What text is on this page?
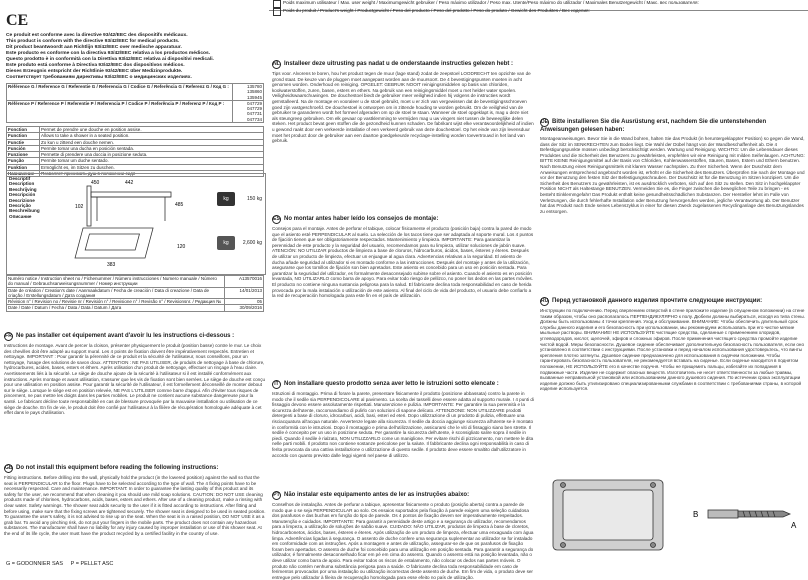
Poids maximum utilisateur / Max. user weight / Maximumgewicht gebruiker / Peso máximo utilizador / Peso max. Utente/Peso máximo do utilizador / Maximales Benutzergewicht / Макс. вес пользователя:
Poids du produit / Product's weight / Productgewicht / Peso del producto / Peso del prodotto / Peso do produto / Gewicht des Produktes / Вес изделия:
CE

Ce produit est conforme avec la directive 93/42/EEC des dispositifs médicaux.

This product is conform with the directive 93/42/EEC for medical products.

Dit product beantwoordt aan Richtlijn 93/42/EEC over medische apparatuur.

Este producto es conforme con la directiva 93/42/EEC relativa a los productos médicos.

Questo prodotto è in conformità con la Direttiva 93/42/EEC relativa ai dispositivi medicali.

Este produto está conforme à Directiva 93/42/EEC dos dispositivos médicos.

Dieses Erzeugnis entspricht der Richtlinie 93/42/EEC über Medizinprodukte.

Соответствует требованиям директивы 93/42/EEC о медицинских изделиях.

Référence G / Reference G / Referentie G / Referencia G / Codice G / Referência G / Referenz G / Код G :	135780
135860
135945

Référence P / Reference P / Referentie P / Referencia P / Codice P / Referência P / Referenz P / Код P :	047729
047729
047731
047734
Fonction	Permet de prendre une douche en position assise.
Function	Allows to take a shower in a seated position.
Functie	Zo kun u zittend een douche nemen.
Función	Permite tomar una ducha en posición sentada.
Funzione	Permette di prendere una doccia in posizione seduta.
Função	Permite tomar um duche sentado.
Funktion	Ermöglicht es, im Sitzen zu duschen.
Назначение	Позволяет принимать душ в положении сидя
Descriptif
Description
Beschrijving
Descripción
Descrizione
Descrição
Beschreibung
Описание
450	442
102	485
383
120
kg	150 kg
kg	2,600 kg
Numéro notice / Instruction sheet no / Fichenummer / Número instrucciones / Numero manuale / Número do manual / Gebrauchsanweisungsnummer / Номер инструкции	A13570016
Date de création / Creation's date / Aanmaakdatum / Fecha de creación / Data di creazione / Data de criação / Erstellungsdatum / Дата создания	14/01/2013
Révision n° / Revision no / Revisie nr / Revisión n° / Revisione n° / Revisão n° / Revisionsnr. / Редакция №	05
Date / Date / Datum / Fecha / Data / Data / Datum / Дата	30/09/2016
FR Ne pas installer cet équipement avant d'avoir lu les instructions ci-dessous :

Instructions de montage. Avant de percer la cloison, présenter physiquement le produit (position basse) contre le mur. Le choix des chevilles doit être adapté au support mural. Les 4 points de fixation doivent être impérativement respectés. Entretien et nettoyage. IMPORTANT : Pour garantir la pérennité de ce produit et la sécurité de l'utilisateur, nous conseillons, pour un nettoyage, l'usage des solutions de savon doux. ATTENTION : NE PAS UTILISER, de produits de nettoyage à base de chlorure, hydrocarbures, acides, bases, esters et éthers. Après utilisation d'un produit de nettoyage, effectuer un rinçage à l'eau claire. Avertissements liés à la sécurité. Le siège de douche ajoute de la sécurité à l'utilisateur si il est installé conformément aux instructions. Après montage et avant utilisation, s'assurer que les vis de fixation sont bien serrées. Le siège de douche est conçu pour une utilisation en position assise. Pour garantir la sécurité de l'utilisateur, il est formellement déconseillé de monter debout sur le siège. Lorsque le siège est en position relevée, NE PAS L'UTILISER comme barre d'appui. Afin d'éviter tous risques de pincement, ne pas mettre les doigts dans les parties mobiles. Le produit ne contient aucune substance dangereuse pour la santé. Le fabricant décline toute responsabilité en cas de blessure provoquée par la mauvaise installation ou utilisation de ce siège de douche. En fin de vie, le produit doit être confié par l'utilisateur à la filière de récupération homologuée adéquate à cet effet dans le pays d'utilisation.

GB Do not install this equipment before reading the following instructions:

Fitting instructions. Before drilling into the wall, physically hold the product (in the lowered position) against the wall so that the seat is PERPENDICULAR to the floor. Plugs have to be selected according to the type of wall. The 4 fixing points have to be necessarily respected. Care and maintenance. IMPORTANT: In order to guarantee the lasting quality of this product and its safety for the user, we recommend that when cleaning it you should use mild soap solutions. CAUTION: DO NOT USE cleaning products made of chlorines, hydrocarbons, acids, bases, esters and ethers. After use of a cleaning product, make a rinsing with clear water. Safety warnings. The shower seat adds security to the user if it is fitted according to instructions. After fitting and before using, make sure that the fixing screws are tightened securely. The shower seat is designed to be used in seated position. To guarantee the user's safety, it is not advised to rise up on the seat. When the seat is in a raised position, DO NOT USE it as a grab bar. To avoid any pinching risk, do not put your fingers in the mobile parts. The product does not contain any hazardous substances. The manufacturer shall have no liability for any injury caused by improper installation or use of this shower seat. At the end of its life cycle, the user must have the product recycled by a certified facility in the country of use.

G = GODONNIER SAS P = PELLET ASC

NL Installeer deze uitrusting pas nadat u de onderstaande instructies gelezen hebt :

Tips voor. Alvorens te boren, hou het product tegen de muur (lage stand) zodat de zeepstoel LOODRECHT ten opzichte van de grond staat. De keuze van de pluggen moet aangepast worden aan de muursoort. De 4 bevestigingspunten moeten in acht genomen worden. Onderhoud en reiniging. OPGELET: GEBRUIK NOOIT reinigingsmiddelen op basis van chloriden, koolwaterstoffen, zuren, basen, esters en ethers. Na gebruik van een reinigingsmiddel moet u met helder water spoelen. Veiligheidswaarschuwingen. De douchestoel biedt de gebruiker meer veiligheid indien hij volgens de instructies wordt geïnstalleerd. Na de montage en vooraleer u de stoel gebruikt, moet u er zich van vergewissen dat de bevestigingsschroeven goed zijn vastgeschroefd. De douchestoel is ontworpen om in zittende houding te worden gebruikt. Om de veiligheid van de gebruiker te garanderen wordt het formeel afgeraden om op de stoel te staan. Wanneer de stoel opgeklapt is, mag u deze niet als steungreep gebruiken. Om elk gevaar op vastklemming te vermijden mag u uw vingers niet tussen de beweeglijke delen steken. Het product bevat geen stoffen die de gezondheid kunnen schaden. De fabrikant wijst elke verantwoordelijkheid af indien u gewond raakt door een verkeerde installatie of een verkeerd gebruik van deze douchestoel. Op het einde van zijn levensduur moet het product door de gebruiker aan een daartoe goedgekeurde recyclage-instelling worden toevertrouwd in het land van gebruik.

ES No montar antes haber leído los consejos de montaje:

Consejos para el montaje. Antes de perforar el tabique, colocar físicamente el producto (posición baja) contra la pared de modo que el asiento esté PERPENDICULAR al suelo. La selección de los tacos tiene que ser adaptada al soporte mural. Los 4 puntos de fijación tienen que ser obligatoriamente respectados. Mantenimiento y limpieza. IMPORTANTE: Para garantizar la perennidad de este producto y la seguridad del usuario, recomendamos para su limpieza, utilizar soluciones de jabón suave. ATENCIÓN: NO UTILIZAR productos de limpieza a base de cloruros, hidrocarburos, ácidos, bases, ésteres y éteres. Después de utilizar un producto de limpieza, efectuar un enjuague al agua clara. Advertencias relativas a la seguridad. El asiento de ducha añade seguridad al utilizador si es montado conforme a las instrucciones. Después del montaje y antes de la utilización, asegurarse que los tornillos de fijación son bien apretados. Este asiento es concebido para un uso en posición sentada. Para garantizar la seguridad del utilizador, es formalmente desaconsejado subirse sobre el asiento. Cuando el asiento es en posición levantada, NO UTILIZARLO como barra de apoyo. Para evitar todo riesgo de pellizco, no poner los dedos en las partes móviles. El producto no contiene ninguna sustancia peligrosa para la salud. El fabricante declina toda responsabilidad en caso de herida provocada por la mala instalación o utilización de este asiento. Al final del ciclo de vida del producto, el usuario debe confiarlo a la red de recuperación homologada para este fin en el país de utilización.

IT Non installare questo prodotto senza aver letto le istruzioni sotto elencate :

Istruzioni di montaggio. Prima di forare la parete, presentare fisicamente il prodotto (posizione abbassata) contro la parete in modo che il sedile sia PERPENDICOLARE al pavimento. La scelta dei tasselli deve essere adatta al supporto murale. I 4 punti di fissaggio devono essere assolutamente rispettati. Manutenzione e pulizia. IMPORTANTE: Per garantire la sua perennità e la sicurezza dell'utente, raccomandiamo di pulirlo con soluzioni di sapone delicato. ATTENZIONE: NON UTILIZZARE prodotti detergenti a base di cloruro, idrocarburi, acidi, basi, esteri ed eteri. Dopo utilizzazione di un prodotto di pulizia, effettuare una risciacquatura all'acqua naturale. Avvertenze legate alla sicurezza. Il sedile da doccia aggiunge sicurezza all'utente se è montato in conformità con le istruzioni. Dopo il montaggio e prima dell'utilizzazione, assicurarsi che le viti di fissaggio siano ben strette. Il sedile è concepito per un uso in posizione seduta. Per garantire la sicurezza dell'utente, è sconsigliato salire sopra il sedile in piedi. Quando il sedile è rialzato, NON UTILIZZARLO come un maniglione. Per evitare rischi di pizzicamento, non mettere le dita nelle parti mobili. Il prodotto non contiene sostanze pericolose per la salute. Il fabbricante declina ogni responsabilità in caso di ferita provocata da una cattiva installazione o utilizzazione di questo sedile. Il prodotto deve essere smaltito dall'utilizzatore in accordo con quanto previsto dalle leggi vigenti nel paese di utilizzo.

PT Não instalar este equipamento antes de ler as instruções abaixo:

Conselhos de instalação. Antes de perfurar a tabique, apresentar fisicamente o produto (posição aberta) contra a parede de modo que o se seja PERPENDICULAR ao solo. Os ensaios suportados pela fixação à parede exigem uma seleção cuidadosa dos parafusos e das buchas em função do tipo de parede. Os 4 pontos de fixação devem ser imperativamente respeitados. Manutenção e cuidados. IMPORTANTE: Para garantir a perenidade deste artigo e a segurança do utilizador, recomendamos para a limpeza, a utilização de soluções de sabão suave. CUIDADO: NÃO UTILIZAR, produtos de limpeza à base de cloretos, hidrocarbonetos, ácidos, bases, ésteres e éteres. Após utilização de um produto de limpeza, efectuar uma enxaguada com água limpa. Advertências ligadas à segurança. O assento de duche confere uma segurança suplementar ao utilizador se for instalado em conformidade com as instruções. Após a montagem e antes de utilização, assegurar-se de que os parafusos de fixação foram bem apertados. O assento de duche foi concebido para uma utilização em posição sentada. Para garantir a segurança do utilizador, é formalmente desaconselhado ficar em pé em cima do assento. Quando o assento está na posição levantada, não o deve utilizar como barra de apoio. Para evitar todos os riscos de entalamento, não colocar os dedos nas partes móveis. O produto não contém nenhuma substância perigosa para a saúde. O fabricante declina toda responsabilidade em caso de ferimentos provocados por uma instalação ou utilização incorrectas deste assento de duche. Em fim de vida, o produto deve ser entregue pelo utilizador à fileira de recuperação homologada para esse efeito no país de utilização.

DE Bitte installieren Sie die Ausrüstung erst, nachdem Sie die untenstehenden Anweisungen gelesen haben:

Montageanweisungen. Bevor Sie in die Wand bohren, halten Sie das Produkt (in heruntergeklappter Position) so gegen die Wand, dass der Sitz im SENKRECHTEN zum Boden liegt. Die Wahl der Dübel hängt von der Wandbeschaffenheit ab. Die 4 Befestigungspunkte müssen unbedingt berücksichtigt werden. Wartung und Reinigung. WICHTIG: Um die Lebensdauer dieses Produktes und die Sicherheit des Benutzers zu gewährleisten, empfehlen wir eine Reinigung mit milden Seifenlaugen. ACHTUNG: BITTE KEINE Reinigungsmittel auf der Basis von Chloriden, Kohlenwasserstoffen, Säuren, Basen, Estern und Ethern benutzen. Nach Benutzung eines Reinigungsmittels mit klarem Wasser nachspülen. Zu Ihrer Sicherheit. Wenn der Duschsitz dem Anweisungen entsprechend angebracht worden ist, erhöht er die Sicherheit des Benutzers. Überprüfen Sie nach der Montage und vor der Benutzung den festen Sitz der Befestigungsschrauben. Der Duschsitz ist für die Benutzung im Sitzen konzipiert. Um die Sicherheit des Benutzers zu gewährleisten, ist es ausdrücklich verboten, sich auf den Sitz zu stellen. Den Sitz in hochgeklappter Position NICHT als Haltestange BENUTZEN. Vermeiden Sie es, die Finger zwischen die beweglichen Teile zu bringen - es besteht Einklemmgefahr! Das Produkt enthält keine gesundheitsschädlichen Substanzen. Der Hersteller lehnt im Falle von Verletzungen, die durch fehlerhafte Installation oder Benutzung hervorgerufen werden, jegliche Verantwortung ab. Der Benutzer hat das Produkt nach Ende seines Lebenszyklus in einer für diesen Zweck zugelassenen Recyclinganlage des Benutzungslandes zu entsorgen.

RU Перед установкой данного изделия прочтите следующие инструкции:

Инструкции по подключению. Перед сверлением отверстий в стене приложите изделие (в опущенном положении) на стене таким образом, чтобы оно располагалось ПЕРПЕНДИКУЛЯРНО к полу. Дюбели должны выбираться, исходя из типа стены. Должны быть использованы 4 точки крепления. Уход и обслуживание. ВНИМАНИЕ: Чтобы обеспечить длительный срок службы данного изделия и его безопасность при использовании, мы рекомендуем использовать при его чистке мягкие мыльные растворы. ВНИМАНИЕ! НЕ ИСПОЛЬЗУЙТЕ чистящие средства, сделанные с применением хлоридов, углеводородов, кислот, щелочей, эфиров и сложных эфиров. После применения чистящего средства промойте изделие чистой водой. Меры безопасности. Душевое сидение обеспечивает дополнительную безопасность пользователя, если оно установлено в соответствии с инструкциями. После установки и перед началом использования удостоверьтесь, что винты крепления плотно затянуты. Душевое сидение предназначено для использования в сидячем положении. Чтобы гарантировать безопасность пользователя, не рекомендуется вставать на сиденье. Если сиденье находится в поднятом положении, НЕ ИСПОЛЬЗУЙТЕ его в качестве поручня. Чтобы не прищемить пальцы, избегайте их попадания в подвижные части. Изделие не содержит опасных веществ. Изготовитель не несет ответственности за любые травмы, вызванные неправильной установкой или использованием данного душевого сидения. По истечении срока эксплуатации изделие должно быть утилизировано специализированными службами в соответствии с требованиями страны, в которой изделие используется.

B
A
